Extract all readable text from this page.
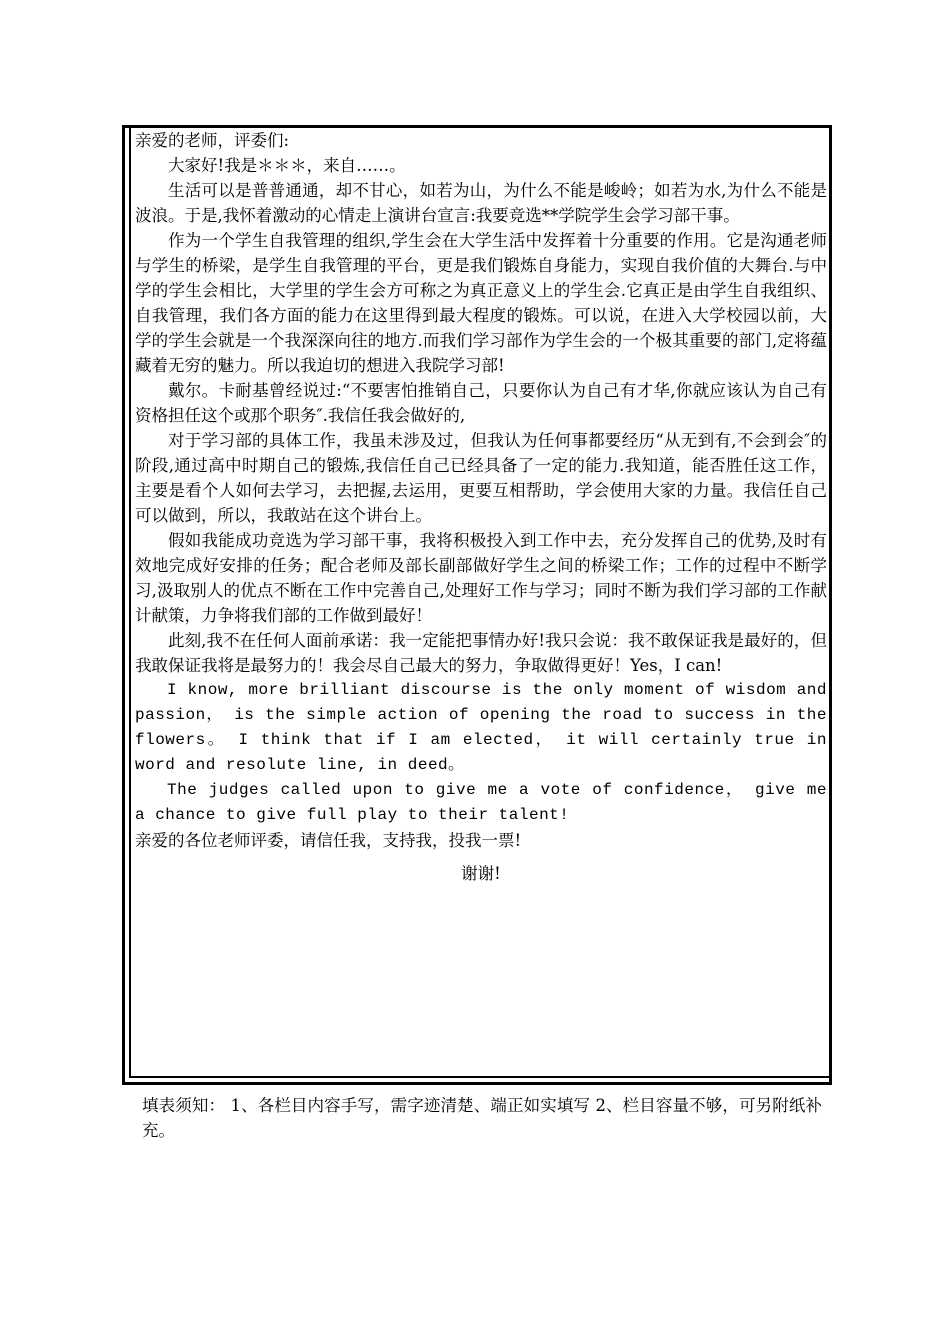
亲爱的老师，评委们:

大家好!我是＊＊＊，来自……。

生活可以是普普通通，却不甘心，如若为山，为什么不能是峻岭；如若为水,为什么不能是波浪。于是,我怀着激动的心情走上演讲台宣言:我要竞选**学院学生会学习部干事。

作为一个学生自我管理的组织,学生会在大学生活中发挥着十分重要的作用。它是沟通老师与学生的桥梁，是学生自我管理的平台，更是我们锻炼自身能力，实现自我价值的大舞台.与中学的学生会相比，大学里的学生会方可称之为真正意义上的学生会.它真正是由学生自我组织、自我管理，我们各方面的能力在这里得到最大程度的锻炼。可以说，在进入大学校园以前，大学的学生会就是一个我深深向往的地方.而我们学习部作为学生会的一个极其重要的部门,定将蕴藏着无穷的魅力。所以我迫切的想进入我院学习部!

戴尔。卡耐基曾经说过:“不要害怕推销自己，只要你认为自己有才华,你就应该认为自己有资格担任这个或那个职务″.我信任我会做好的,

对于学习部的具体工作，我虽未涉及过，但我认为任何事都要经历“从无到有,不会到会″的阶段,通过高中时期自己的锻炼,我信任自己已经具备了一定的能力.我知道，能否胜任这工作，主要是看个人如何去学习，去把握,去运用，更要互相帮助，学会使用大家的力量。我信任自己可以做到，所以，我敢站在这个讲台上。

假如我能成功竞选为学习部干事，我将积极投入到工作中去，充分发挥自己的优势,及时有效地完成好安排的任务；配合老师及部长副部做好学生之间的桥梁工作；工作的过程中不断学习,汲取别人的优点不断在工作中完善自己,处理好工作与学习；同时不断为我们学习部的工作献计献策，力争将我们部的工作做到最好！

此刻,我不在任何人面前承诺：我一定能把事情办好!我只会说：我不敢保证我是最好的，但我敢保证我将是最努力的！我会尽自己最大的努力，争取做得更好！Yes，I can!

I know, more brilliant discourse is the only moment of wisdom and passion， is the simple action of opening the road to success in the flowers。 I think that if I am elected， it will certainly true in word and resolute line, in deed。

The judges called upon to give me a vote of confidence， give me a chance to give full play to their talent!

亲爱的各位老师评委，请信任我，支持我，投我一票!

谢谢!

填表须知： 1、各栏目内容手写，需字迹清楚、端正如实填写 2、栏目容量不够，可另附纸补充。
